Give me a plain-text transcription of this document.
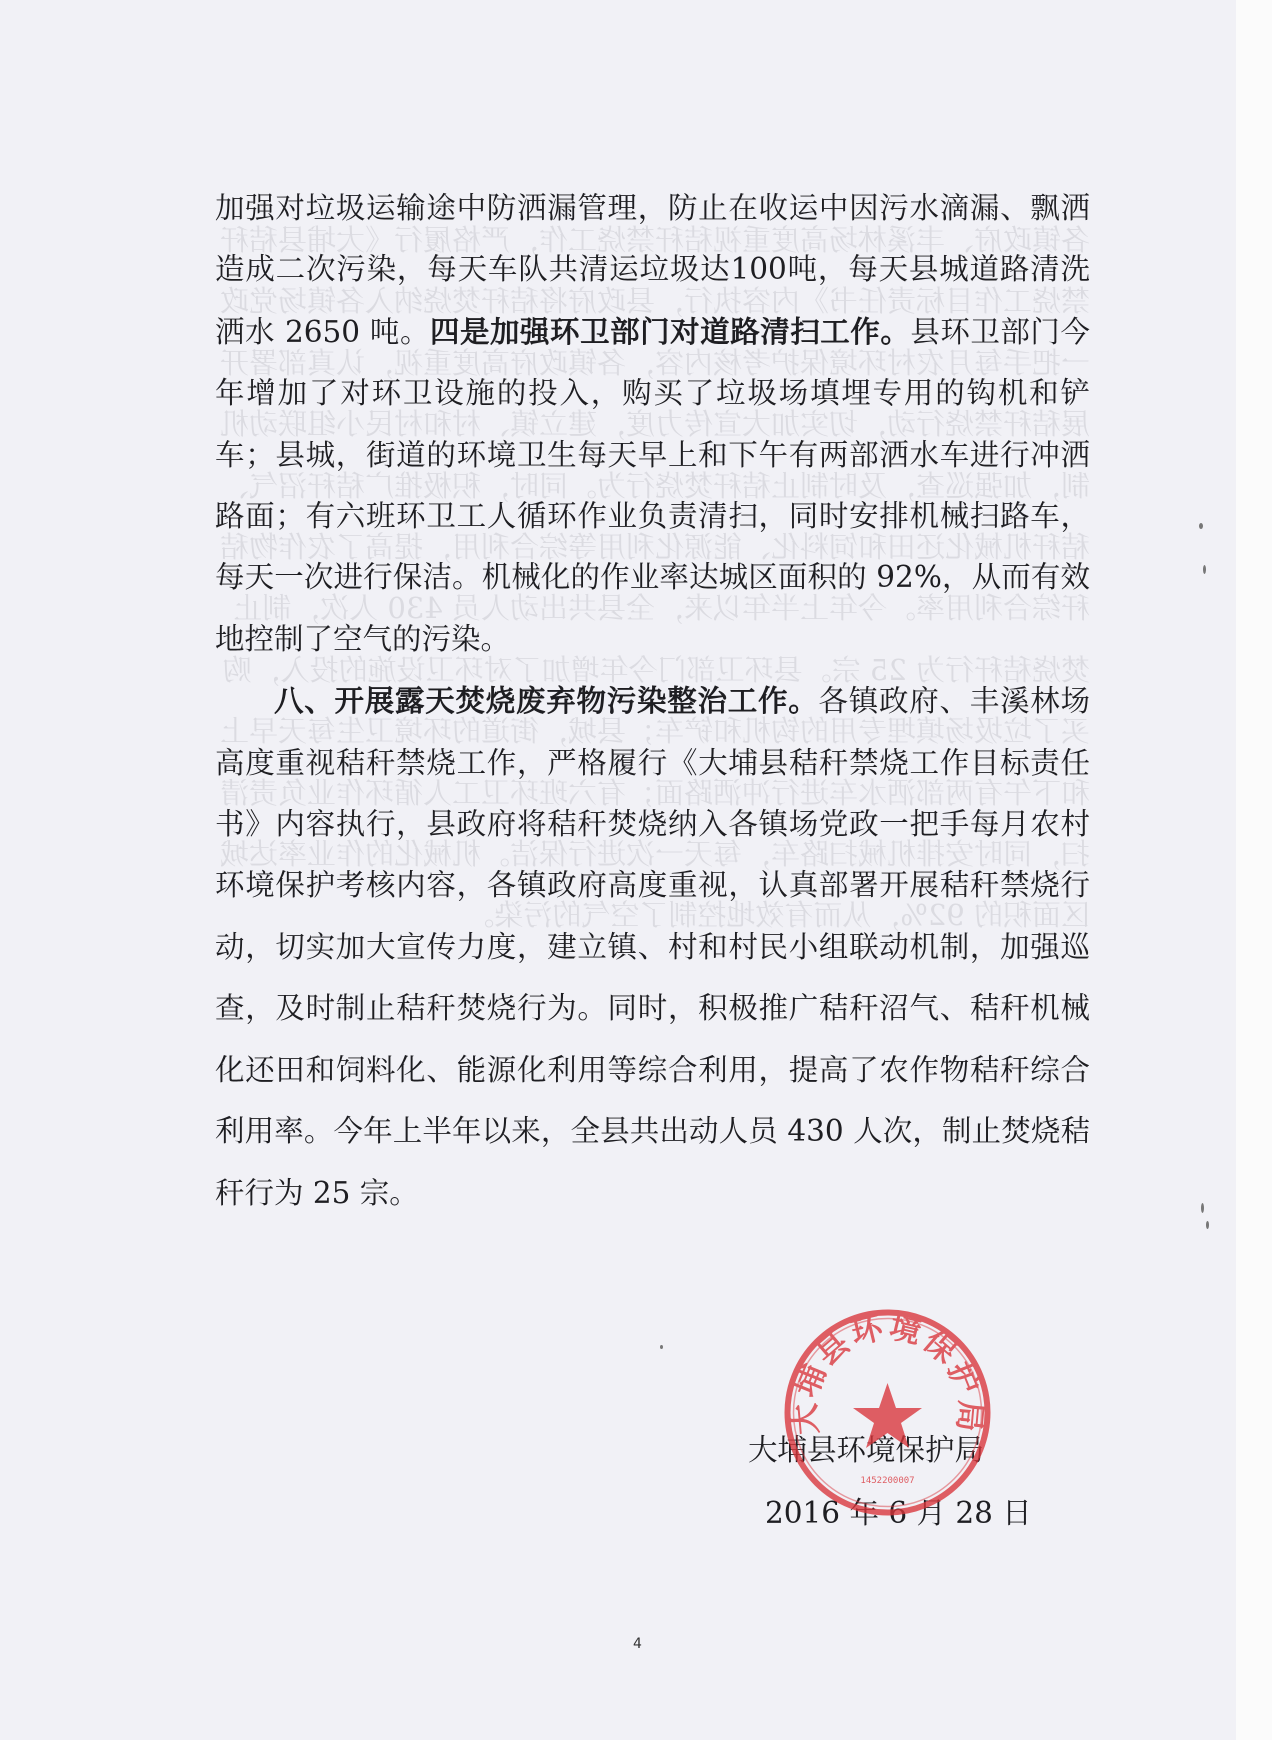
各镇政府、丰溪林场高度重视秸秆禁烧工作，严格履行《大埔县秸秆禁烧工作目标责任书》内容执行，县政府将秸秆焚烧纳入各镇场党政一把手每月农村环境保护考核内容，各镇政府高度重视，认真部署开展秸秆禁烧行动，切实加大宣传力度，建立镇、村和村民小组联动机制，加强巡查，及时制止秸秆焚烧行为。同时，积极推广秸秆沼气、秸秆机械化还田和饲料化、能源化利用等综合利用，提高了农作物秸秆综合利用率。今年上半年以来，全县共出动人员 430 人次，制止焚烧秸秆行为 25 宗。县环卫部门今年增加了对环卫设施的投入，购买了垃圾场填埋专用的钩机和铲车；县城，街道的环境卫生每天早上和下午有两部洒水车进行冲洒路面；有六班环卫工人循环作业负责清扫，同时安排机械扫路车，每天一次进行保洁。机械化的作业率达城区面积的 92%，从而有效地控制了空气的污染。

加强对垃圾运输途中防洒漏管理，防止在收运中因污水滴漏、飘洒造成二次污染，每天车队共清运垃圾达100吨，每天县城道路清洗洒水 2650 吨。四是加强环卫部门对道路清扫工作。县环卫部门今年增加了对环卫设施的投入，购买了垃圾场填埋专用的钩机和铲车；县城，街道的环境卫生每天早上和下午有两部洒水车进行冲洒路面；有六班环卫工人循环作业负责清扫，同时安排机械扫路车，每天一次进行保洁。机械化的作业率达城区面积的 92%，从而有效地控制了空气的污染。

八、开展露天焚烧废弃物污染整治工作。各镇政府、丰溪林场高度重视秸秆禁烧工作，严格履行《大埔县秸秆禁烧工作目标责任书》内容执行，县政府将秸秆焚烧纳入各镇场党政一把手每月农村环境保护考核内容，各镇政府高度重视，认真部署开展秸秆禁烧行动，切实加大宣传力度，建立镇、村和村民小组联动机制，加强巡查，及时制止秸秆焚烧行为。同时，积极推广秸秆沼气、秸秆机械化还田和饲料化、能源化利用等综合利用，提高了农作物秸秆综合利用率。今年上半年以来，全县共出动人员 430 人次，制止焚烧秸秆行为 25 宗。

大埔县环境保护局
2016 年 6 月 28 日
大埔县环境保护局
1452200007
4
